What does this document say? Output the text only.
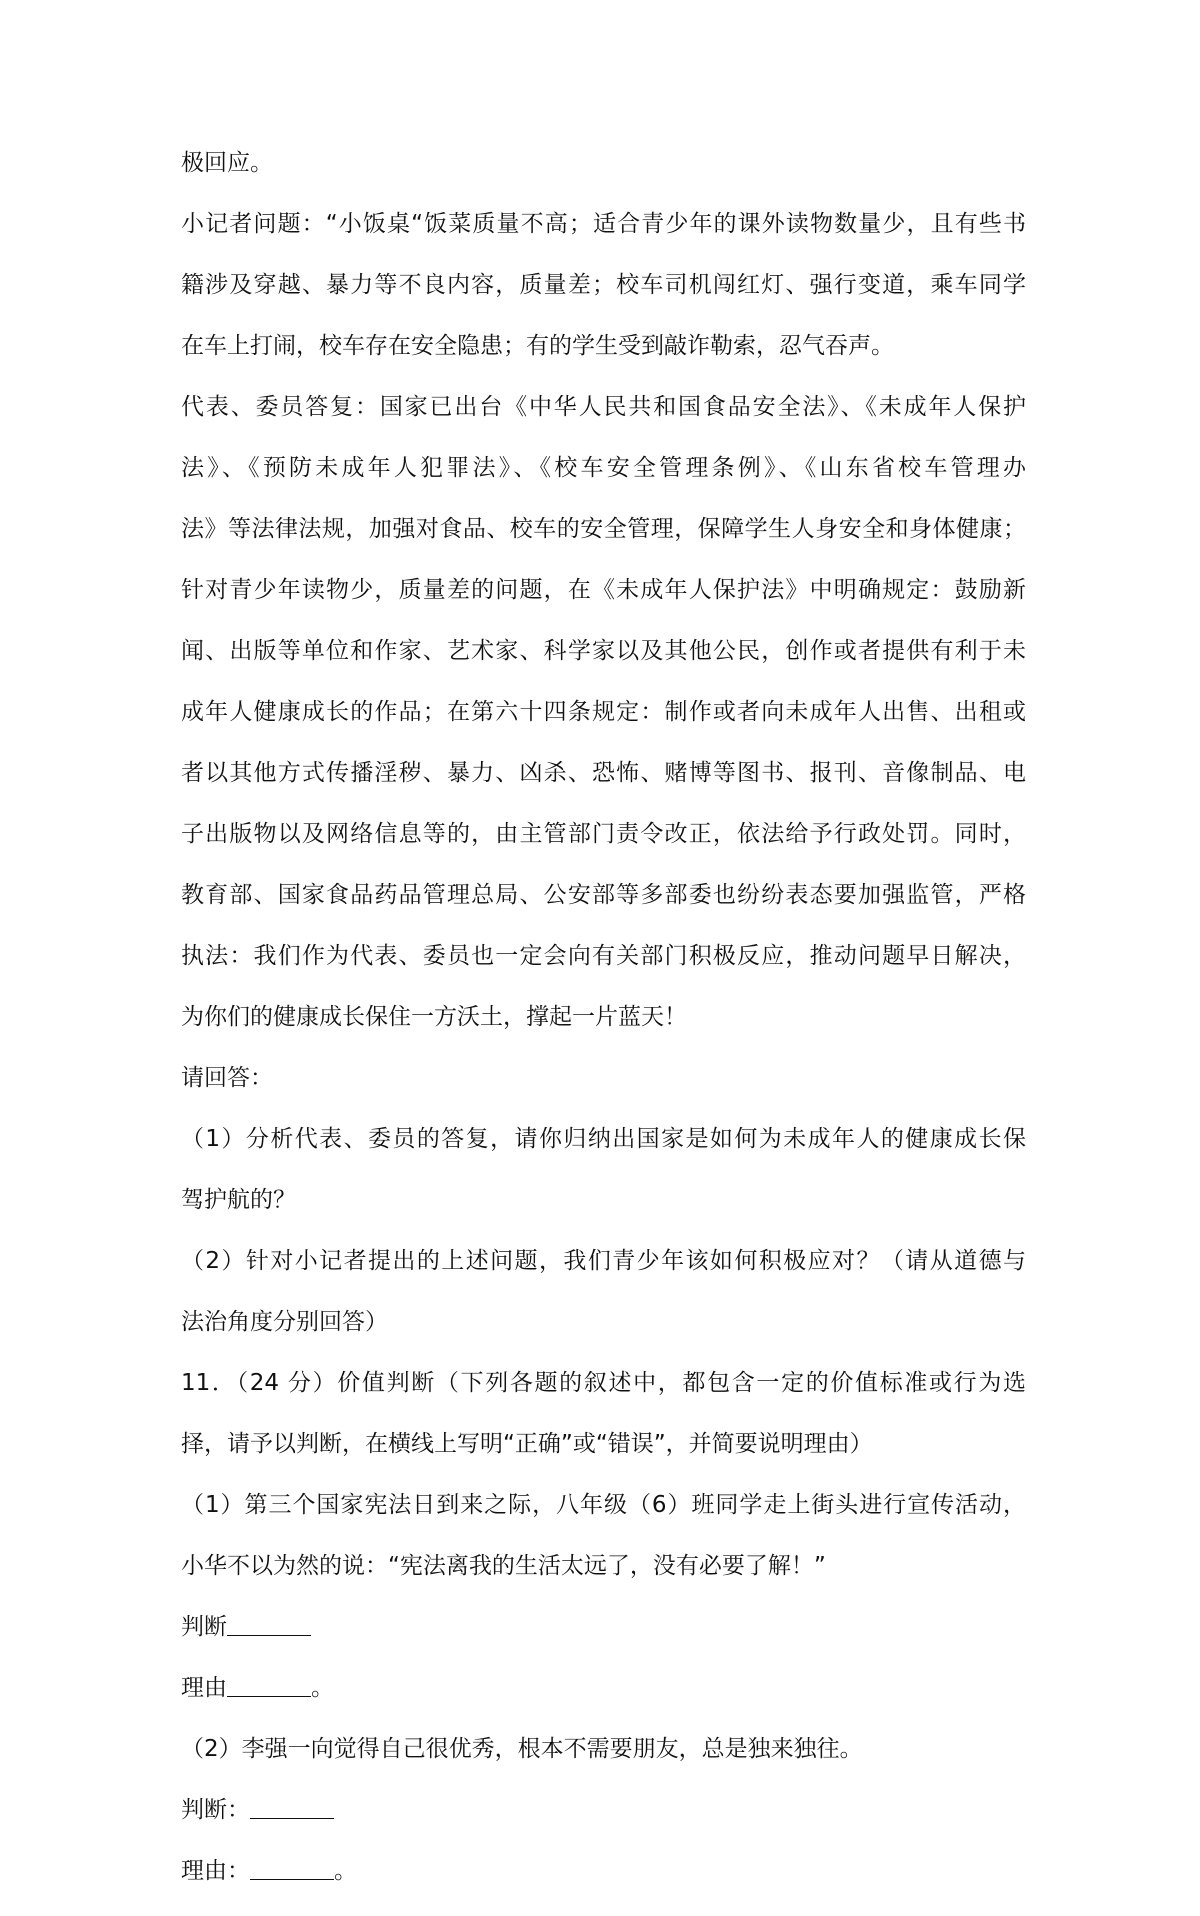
极回应。
小记者问题：“小饭桌“饭菜质量不高；适合青少年的课外读物数量少，且有些书
籍涉及穿越、暴力等不良内容，质量差；校车司机闯红灯、强行变道，乘车同学
在车上打闹，校车存在安全隐患；有的学生受到敲诈勒索，忍气吞声。
代表、委员答复：国家已出台《中华人民共和国食品安全法》、《未成年人保护
法》、《预防未成年人犯罪法》、《校车安全管理条例》、《山东省校车管理办
法》等法律法规，加强对食品、校车的安全管理，保障学生人身安全和身体健康；
针对青少年读物少，质量差的问题，在《未成年人保护法》中明确规定：鼓励新
闻、出版等单位和作家、艺术家、科学家以及其他公民，创作或者提供有利于未
成年人健康成长的作品；在第六十四条规定：制作或者向未成年人出售、出租或
者以其他方式传播淫秽、暴力、凶杀、恐怖、赌博等图书、报刊、音像制品、电
子出版物以及网络信息等的，由主管部门责令改正，依法给予行政处罚。同时，
教育部、国家食品药品管理总局、公安部等多部委也纷纷表态要加强监管，严格
执法：我们作为代表、委员也一定会向有关部门积极反应，推动问题早日解决，
为你们的健康成长保住一方沃土，撑起一片蓝天！
请回答：
（1）分析代表、委员的答复，请你归纳出国家是如何为未成年人的健康成长保
驾护航的？
（2）针对小记者提出的上述问题，我们青少年该如何积极应对？（请从道德与
法治角度分别回答）
11．（24 分）价值判断（下列各题的叙述中，都包含一定的价值标准或行为选
择，请予以判断，在横线上写明“正确”或“错误”，并简要说明理由）
（1）第三个国家宪法日到来之际，八年级（6）班同学走上街头进行宣传活动，
小华不以为然的说：“宪法离我的生活太远了，没有必要了解！”
判断
理由	。
（2）李强一向觉得自己很优秀，根本不需要朋友，总是独来独往。
判断：
理由：	。
